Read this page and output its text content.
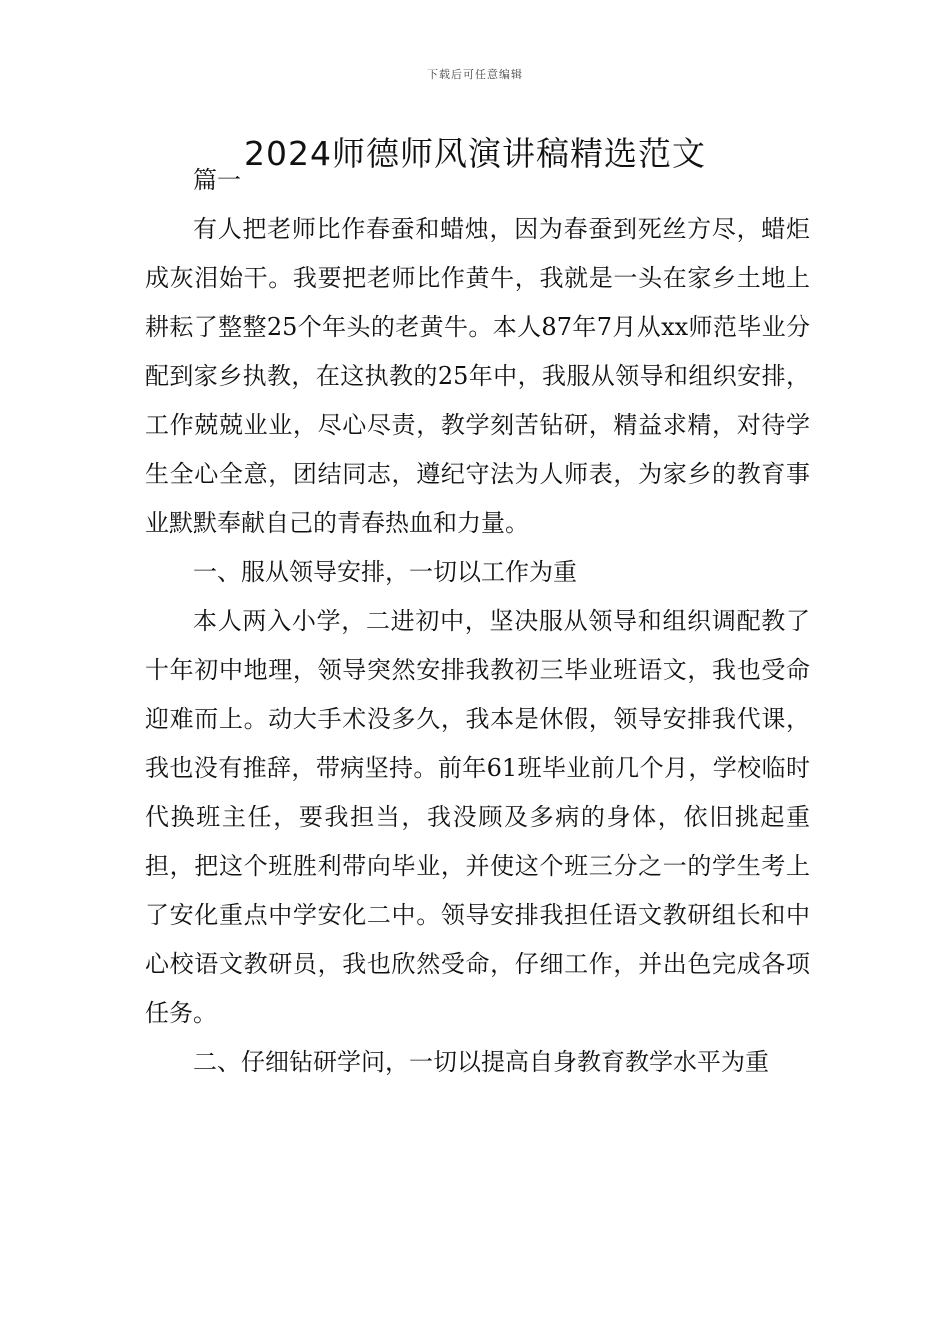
下载后可任意编辑
2024师德师风演讲稿精选范文

篇一

有人把老师比作春蚕和蜡烛，因为春蚕到死丝方尽，蜡炬成灰泪始干。我要把老师比作黄牛，我就是一头在家乡土地上耕耘了整整25个年头的老黄牛。本人87年7月从xx师范毕业分配到家乡执教，在这执教的25年中，我服从领导和组织安排，工作兢兢业业，尽心尽责，教学刻苦钻研，精益求精，对待学生全心全意，团结同志，遵纪守法为人师表，为家乡的教育事业默默奉献自己的青春热血和力量。

一、服从领导安排，一切以工作为重

本人两入小学，二进初中，坚决服从领导和组织调配教了十年初中地理，领导突然安排我教初三毕业班语文，我也受命迎难而上。动大手术没多久，我本是休假，领导安排我代课，我也没有推辞，带病坚持。前年61班毕业前几个月，学校临时代换班主任，要我担当，我没顾及多病的身体，依旧挑起重担，把这个班胜利带向毕业，并使这个班三分之一的学生考上了安化重点中学安化二中。领导安排我担任语文教研组长和中心校语文教研员，我也欣然受命，仔细工作，并出色完成各项任务。

二、仔细钻研学问，一切以提高自身教育教学水平为重
